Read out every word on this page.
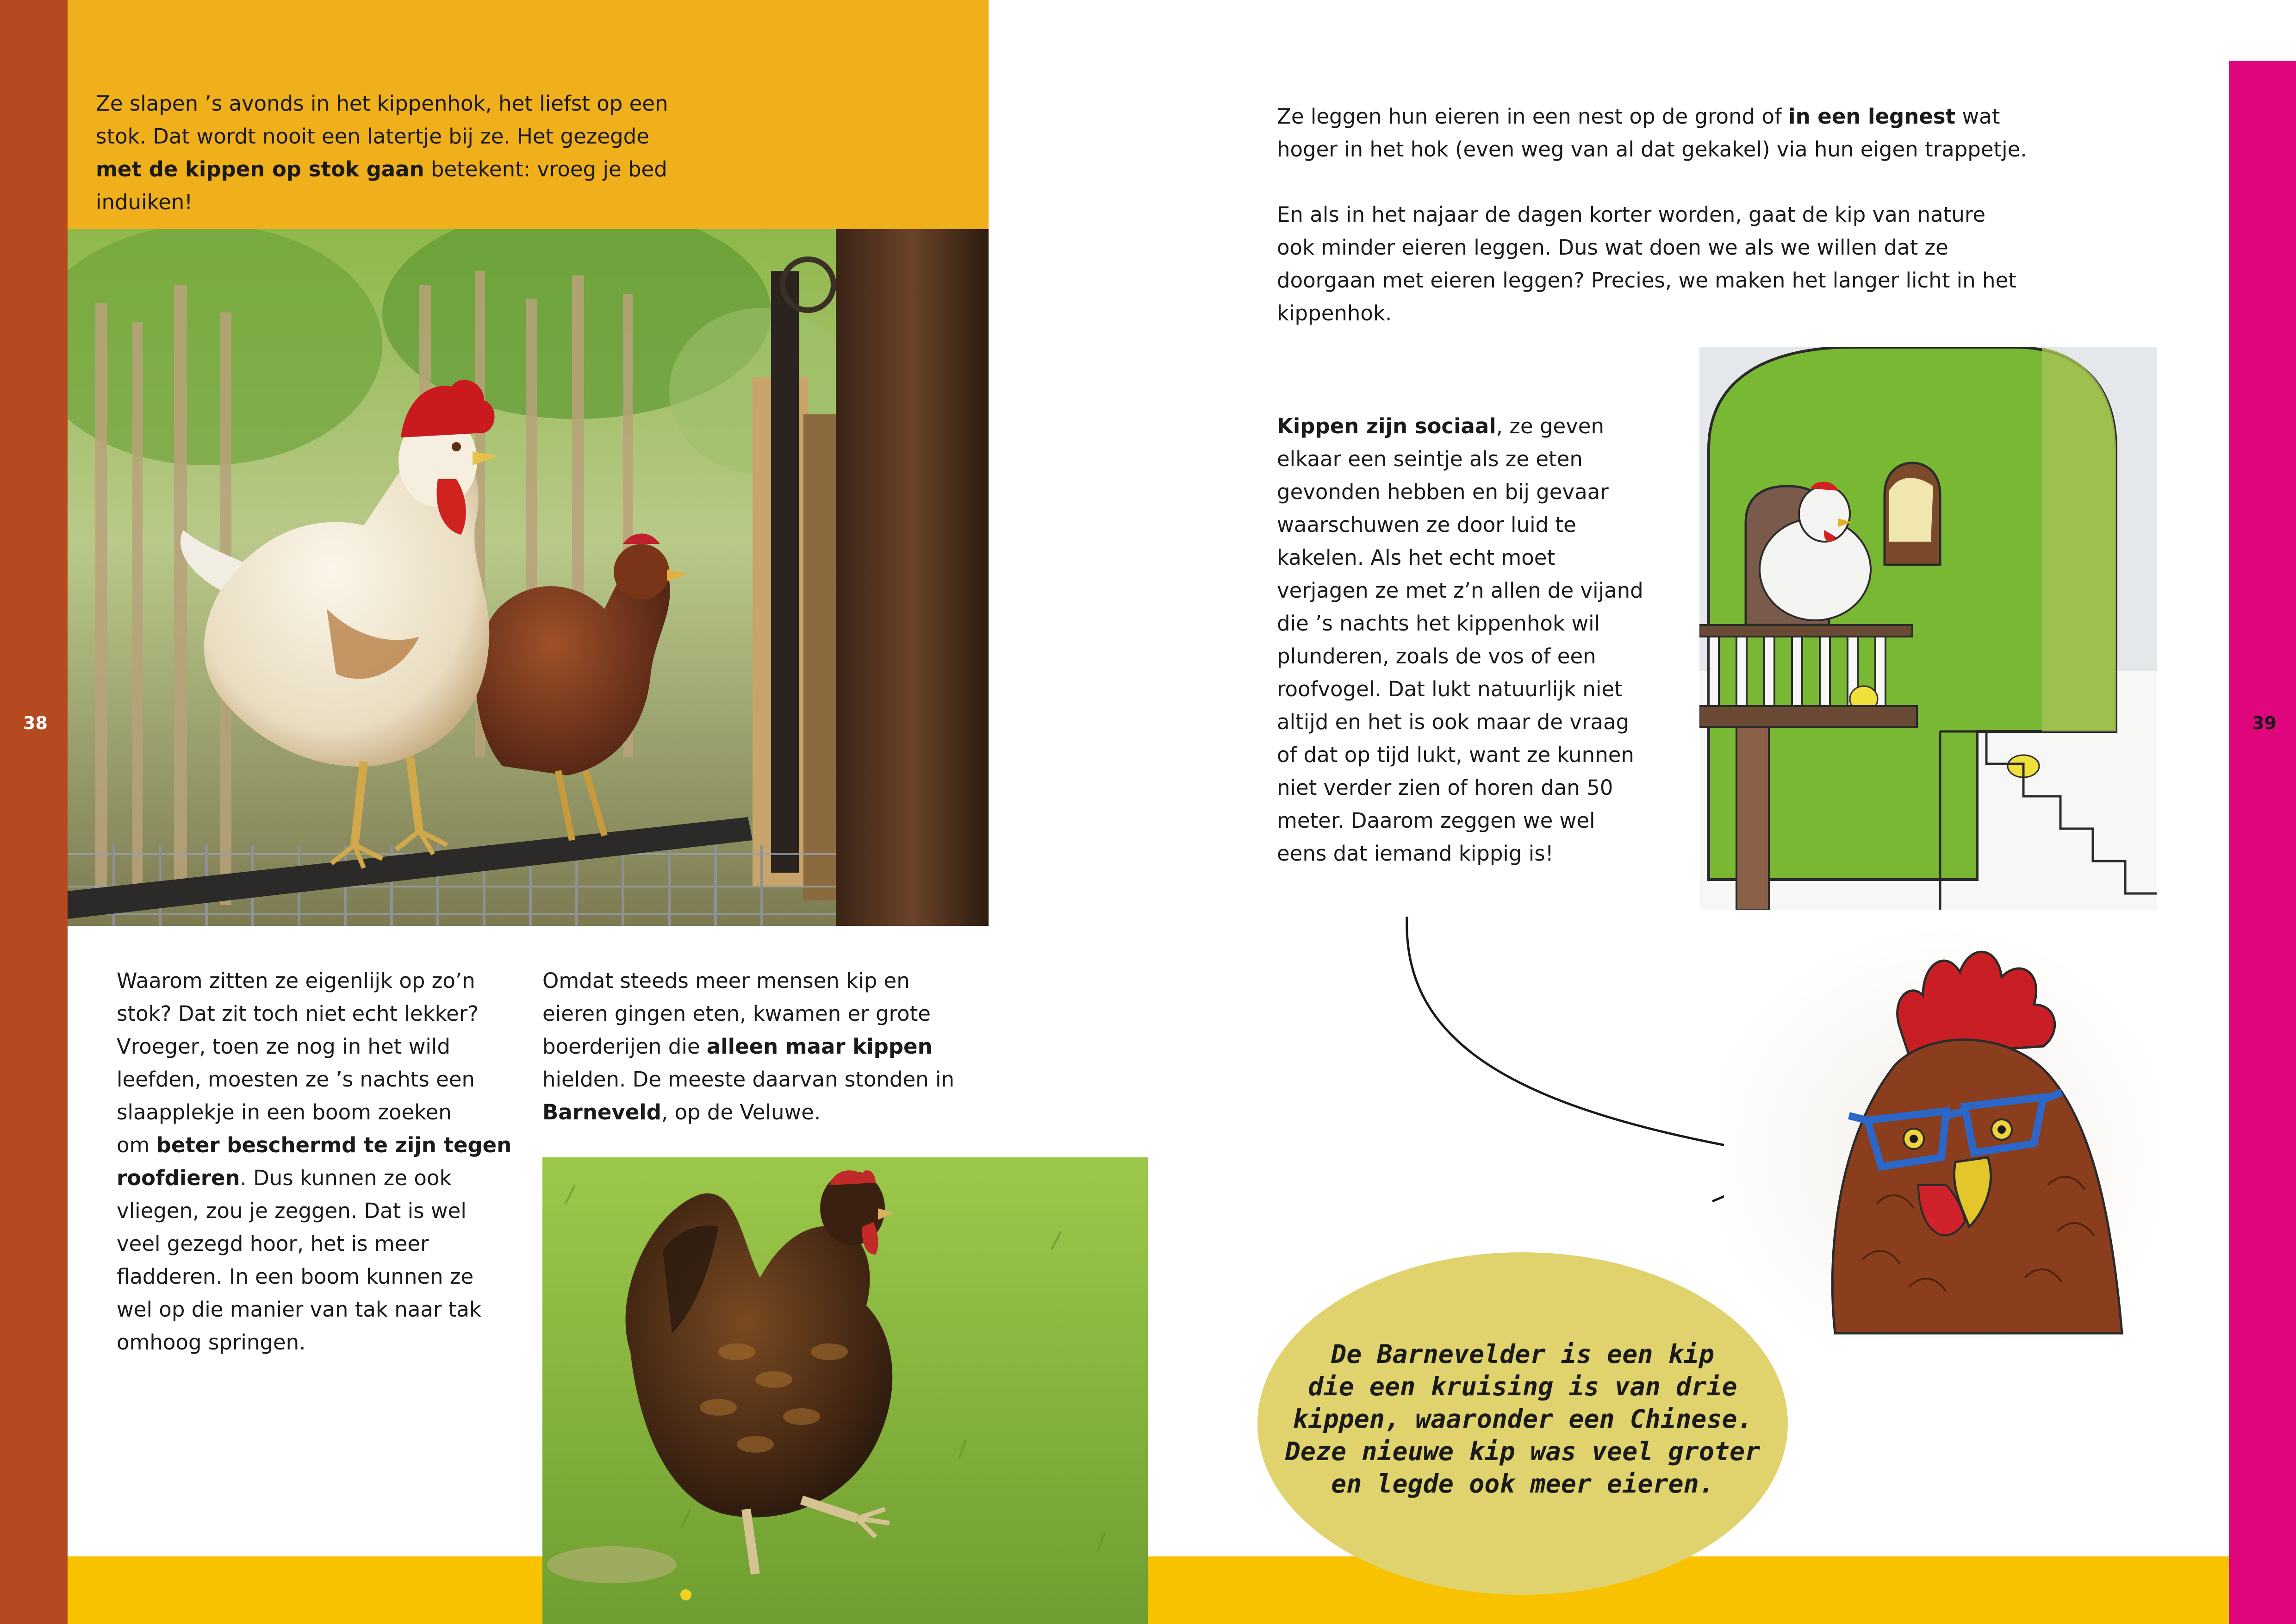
38	39
Ze slapen ’s avonds in het kippenhok, het liefst op een
stok. Dat wordt nooit een latertje bij ze. Het gezegde
met de kippen op stok gaan betekent: vroeg je bed
induiken!
Waarom zitten ze eigenlijk op zo’n
stok? Dat zit toch niet echt lekker?
Vroeger, toen ze nog in het wild
leefden, moesten ze ’s nachts een
slaapplekje in een boom zoeken
om beter beschermd te zijn tegen
roofdieren. Dus kunnen ze ook
vliegen, zou je zeggen. Dat is wel
veel gezegd hoor, het is meer
fladderen. In een boom kunnen ze
wel op die manier van tak naar tak
omhoog springen.
Omdat steeds meer mensen kip en
eieren gingen eten, kwamen er grote
boerderijen die alleen maar kippen
hielden. De meeste daarvan stonden in
Barneveld, op de Veluwe.
Ze leggen hun eieren in een nest op de grond of in een legnest wat
hoger in het hok (even weg van al dat gekakel) via hun eigen trappetje.
En als in het najaar de dagen korter worden, gaat de kip van nature
ook minder eieren leggen. Dus wat doen we als we willen dat ze
doorgaan met eieren leggen? Precies, we maken het langer licht in het
kippenhok.
Kippen zijn sociaal, ze geven
elkaar een seintje als ze eten
gevonden hebben en bij gevaar
waarschuwen ze door luid te
kakelen. Als het echt moet
verjagen ze met z’n allen de vijand
die ’s nachts het kippenhok wil
plunderen, zoals de vos of een
roofvogel. Dat lukt natuurlijk niet
altijd en het is ook maar de vraag
of dat op tijd lukt, want ze kunnen
niet verder zien of horen dan 50
meter. Daarom zeggen we wel
eens dat iemand kippig is!
De Barnevelder is een kip
die een kruising is van drie
kippen, waaronder een Chinese.
Deze nieuwe kip was veel groter
en legde ook meer eieren.
